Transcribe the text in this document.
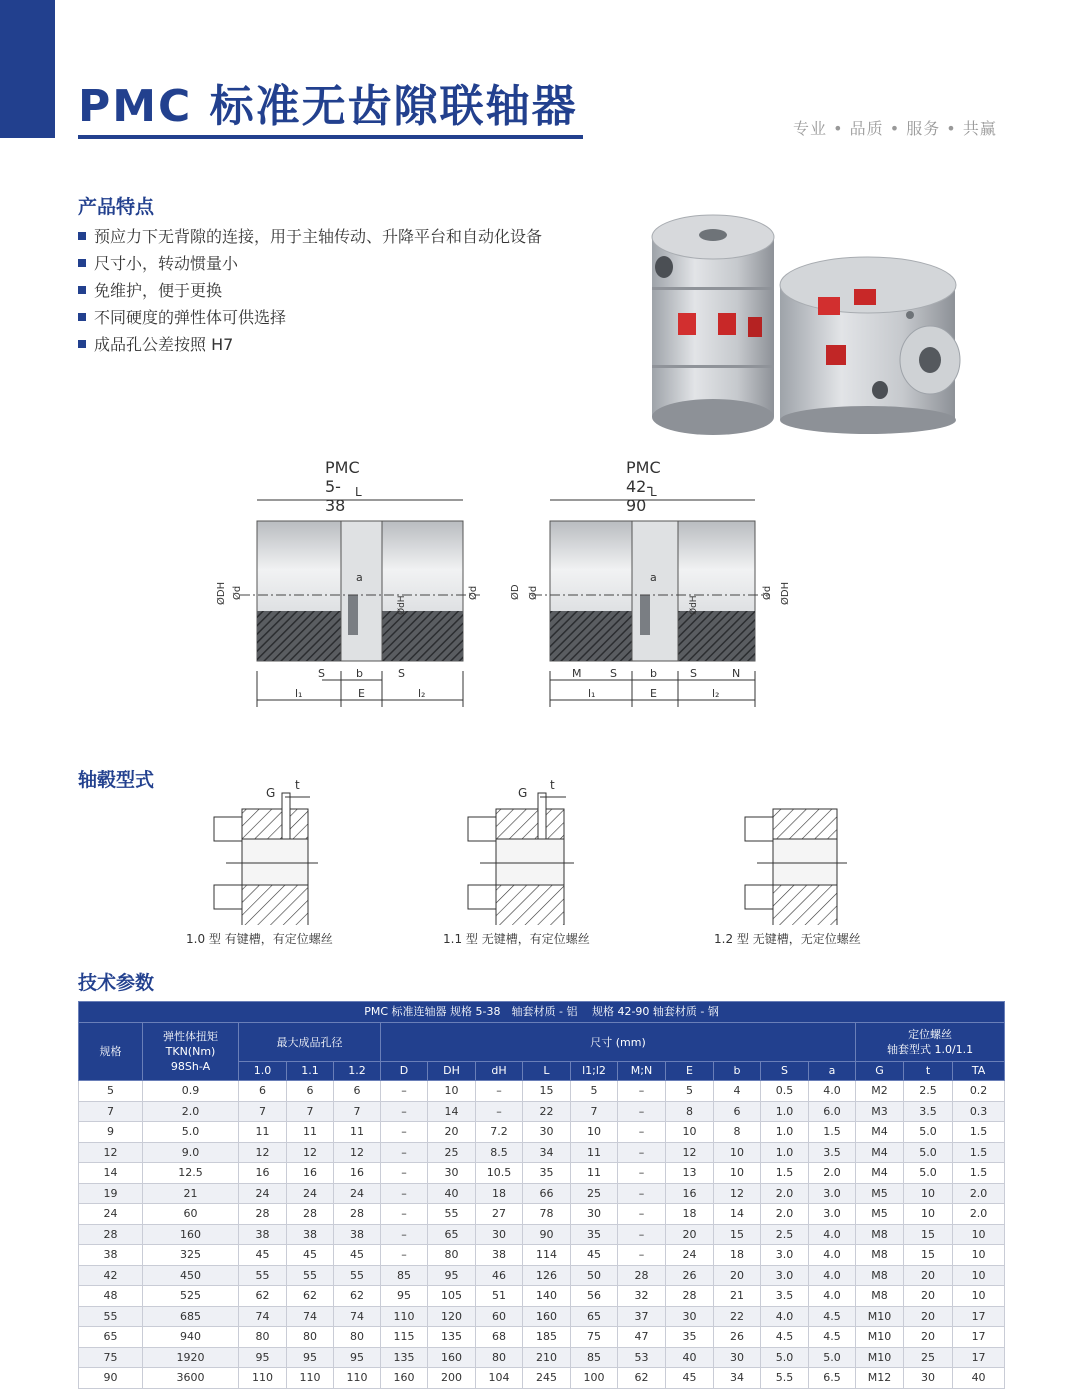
PMC 标准无齿隙联轴器	专业 • 品质 • 服务 • 共赢
产品特点
预应力下无背隙的连接，用于主轴传动、升降平台和自动化设备
尺寸小，转动惯量小
免维护，便于更换
不同硬度的弹性体可供选择
成品孔公差按照 H7
PMC 5-38
PMC 42-90
L
l₁	E	l₂
S	b
a
S
ØDH Ød	Ød
ØdH
L
M	S	b	S	N
l₁	E	l₂
a
ØD Ød	Ød ØDH
ØdH
轴毂型式
G
t
G
t
1.0 型 有键槽，有定位螺丝	1.1 型 无键槽，有定位螺丝	1.2 型 无键槽，无定位螺丝
技术参数
PMC 标准连轴器 规格 5-38　轴套材质 - 铝　 规格 42-90 轴套材质 - 钢																	
规格	弹性体扭矩
TKN(Nm)
98Sh-A	最大成品孔径			尺寸 (mm)										定位螺丝
轴套型式 1.0/1.1		
		1.0	1.1	1.2	D	DH	dH	L	l1;l2	M;N	E	b	S	a	G	t	TA
5	0.9	6	6	6	–	10	–	15	5	–	5	4	0.5	4.0	M2	2.5	0.2
7	2.0	7	7	7	–	14	–	22	7	–	8	6	1.0	6.0	M3	3.5	0.3
9	5.0	11	11	11	–	20	7.2	30	10	–	10	8	1.0	1.5	M4	5.0	1.5
12	9.0	12	12	12	–	25	8.5	34	11	–	12	10	1.0	3.5	M4	5.0	1.5
14	12.5	16	16	16	–	30	10.5	35	11	–	13	10	1.5	2.0	M4	5.0	1.5
19	21	24	24	24	–	40	18	66	25	–	16	12	2.0	3.0	M5	10	2.0
24	60	28	28	28	–	55	27	78	30	–	18	14	2.0	3.0	M5	10	2.0
28	160	38	38	38	–	65	30	90	35	–	20	15	2.5	4.0	M8	15	10
38	325	45	45	45	–	80	38	114	45	–	24	18	3.0	4.0	M8	15	10
42	450	55	55	55	85	95	46	126	50	28	26	20	3.0	4.0	M8	20	10
48	525	62	62	62	95	105	51	140	56	32	28	21	3.5	4.0	M8	20	10
55	685	74	74	74	110	120	60	160	65	37	30	22	4.0	4.5	M10	20	17
65	940	80	80	80	115	135	68	185	75	47	35	26	4.5	4.5	M10	20	17
75	1920	95	95	95	135	160	80	210	85	53	40	30	5.0	5.0	M10	25	17
90	3600	110	110	110	160	200	104	245	100	62	45	34	5.5	6.5	M12	30	40
